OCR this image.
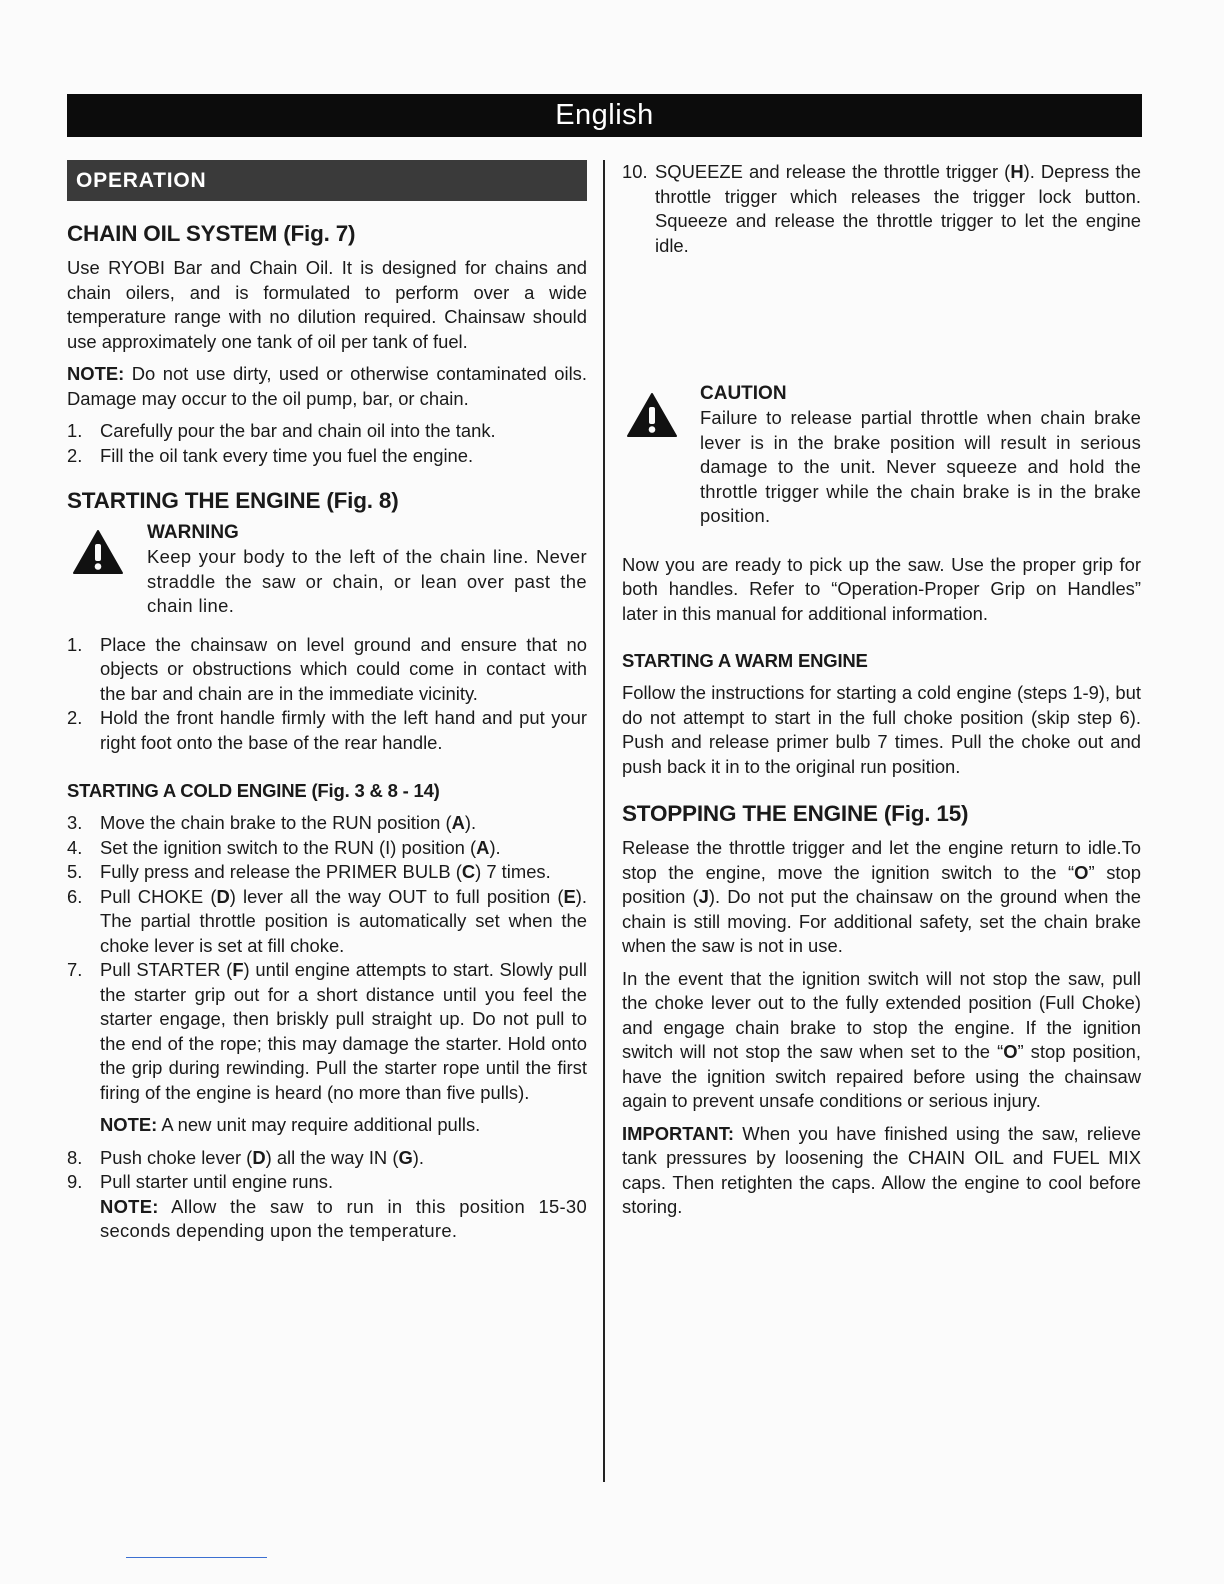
English
OPERATION
CHAIN OIL SYSTEM (Fig. 7)

Use RYOBI Bar and Chain Oil. It is designed for chains and chain oilers, and is formulated to perform over a wide temperature range with no dilution required. Chainsaw should use approximately one tank of oil per tank of fuel.

NOTE: Do not use dirty, used or otherwise contaminated oils. Damage may occur to the oil pump, bar, or chain.

1. Carefully pour the bar and chain oil into the tank.
2. Fill the oil tank every time you fuel the engine.
STARTING THE ENGINE (Fig. 8)
WARNING

Keep your body to the left of the chain line. Never straddle the saw or chain, or lean over past the chain line.

1. Place the chainsaw on level ground and ensure that no objects or obstructions which could come in contact with the bar and chain are in the immediate vicinity.
2. Hold the front handle firmly with the left hand and put your right foot onto the base of the rear handle.
STARTING A COLD ENGINE (Fig. 3 & 8 - 14)
3. Move the chain brake to the RUN position (A).
4. Set the ignition switch to the RUN (I) position (A).
5. Fully press and release the PRIMER BULB (C) 7 times.
6. Pull CHOKE (D) lever all the way OUT to full position (E). The partial throttle position is automatically set when the choke lever is set at fill choke.
7. Pull STARTER (F) until engine attempts to start. Slowly pull the starter grip out for a short distance until you feel the starter engage, then briskly pull straight up. Do not pull to the end of the rope; this may damage the starter. Hold onto the grip during rewinding. Pull the starter rope until the first firing of the engine is heard (no more than five pulls).

NOTE: A new unit may require additional pulls.

8. Push choke lever (D) all the way IN (G).
9. Pull starter until engine runs.

NOTE: Allow the saw to run in this position 15-30 seconds depending upon the temperature.

10. SQUEEZE and release the throttle trigger (H). Depress the throttle trigger which releases the trigger lock button. Squeeze and release the throttle trigger to let the engine idle.
CAUTION

Failure to release partial throttle when chain brake lever is in the brake position will result in serious damage to the unit. Never squeeze and hold the throttle trigger while the chain brake is in the brake position.

Now you are ready to pick up the saw. Use the proper grip for both handles. Refer to “Operation-Proper Grip on Handles” later in this manual for additional information.

STARTING A WARM ENGINE

Follow the instructions for starting a cold engine (steps 1-9), but do not attempt to start in the full choke position (skip step 6). Push and release primer bulb 7 times. Pull the choke out and push back it in to the original run position.

STOPPING THE ENGINE (Fig. 15)

Release the throttle trigger and let the engine return to idle.To stop the engine, move the ignition switch to the “O” stop position (J). Do not put the chainsaw on the ground when the chain is still moving. For additional safety, set the chain brake when the saw is not in use.

In the event that the ignition switch will not stop the saw, pull the choke lever out to the fully extended position (Full Choke) and engage chain brake to stop the engine. If the ignition switch will not stop the saw when set to the “O” stop position, have the ignition switch repaired before using the chainsaw again to prevent unsafe conditions or serious injury.

IMPORTANT: When you have finished using the saw, relieve tank pressures by loosening the CHAIN OIL and FUEL MIX caps. Then retighten the caps. Allow the engine to cool before storing.
